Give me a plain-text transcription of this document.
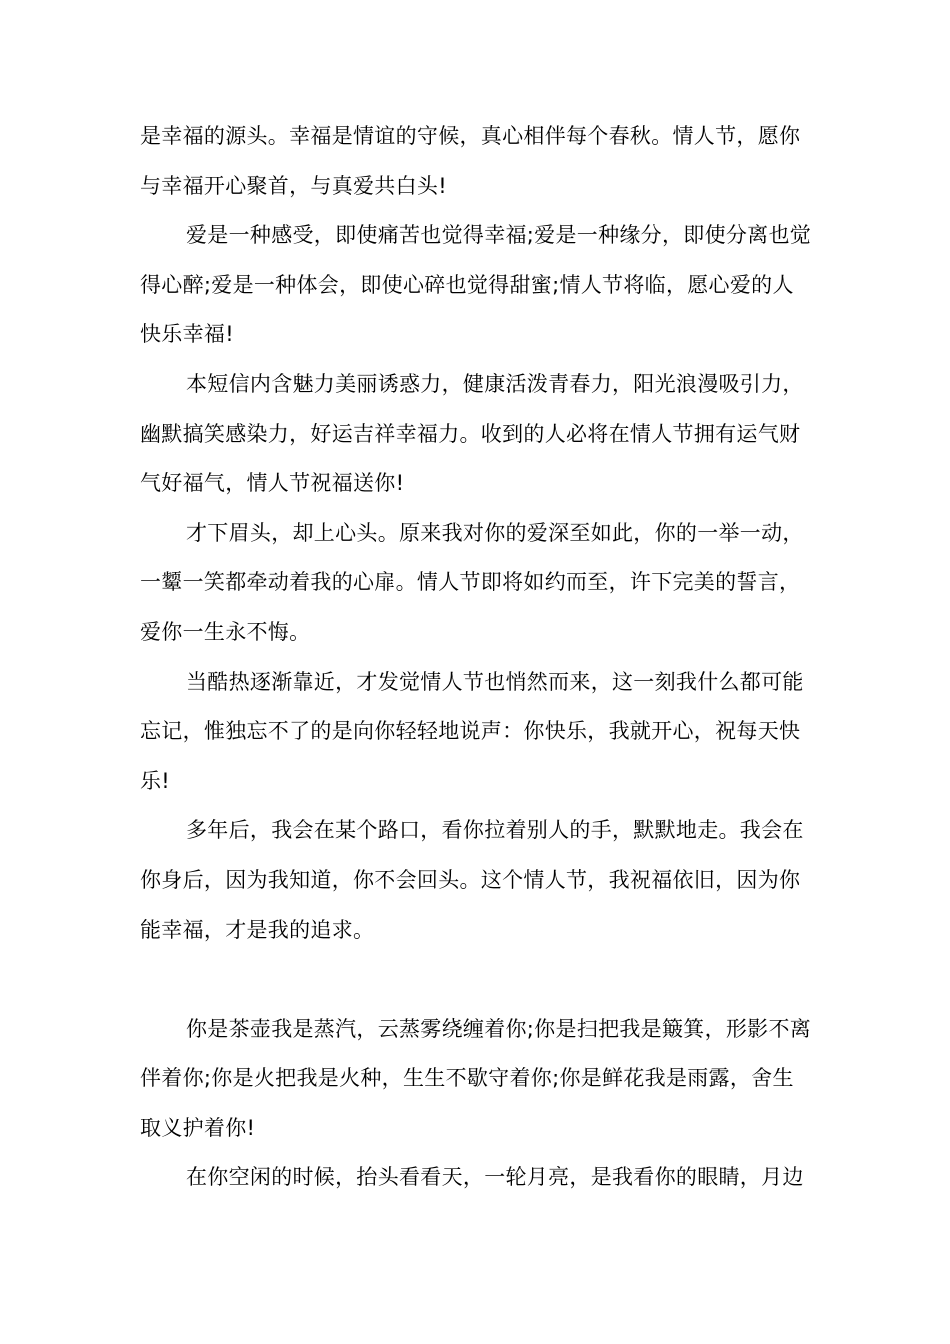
是幸福的源头。幸福是情谊的守候，真心相伴每个春秋。情人节，愿你
与幸福开心聚首，与真爱共白头!
爱是一种感受，即使痛苦也觉得幸福;爱是一种缘分，即使分离也觉
得心醉;爱是一种体会，即使心碎也觉得甜蜜;情人节将临，愿心爱的人
快乐幸福!
本短信内含魅力美丽诱惑力，健康活泼青春力，阳光浪漫吸引力，
幽默搞笑感染力，好运吉祥幸福力。收到的人必将在情人节拥有运气财
气好福气，情人节祝福送你!
才下眉头，却上心头。原来我对你的爱深至如此，你的一举一动，
一颦一笑都牵动着我的心扉。情人节即将如约而至，许下完美的誓言，
爱你一生永不悔。
当酷热逐渐靠近，才发觉情人节也悄然而来，这一刻我什么都可能
忘记，惟独忘不了的是向你轻轻地说声：你快乐，我就开心，祝每天快
乐!
多年后，我会在某个路口，看你拉着别人的手，默默地走。我会在
你身后，因为我知道，你不会回头。这个情人节，我祝福依旧，因为你
能幸福，才是我的追求。
你是茶壶我是蒸汽，云蒸雾绕缠着你;你是扫把我是簸箕，形影不离
伴着你;你是火把我是火种，生生不歇守着你;你是鲜花我是雨露，舍生
取义护着你!
在你空闲的时候，抬头看看天，一轮月亮，是我看你的眼睛，月边
